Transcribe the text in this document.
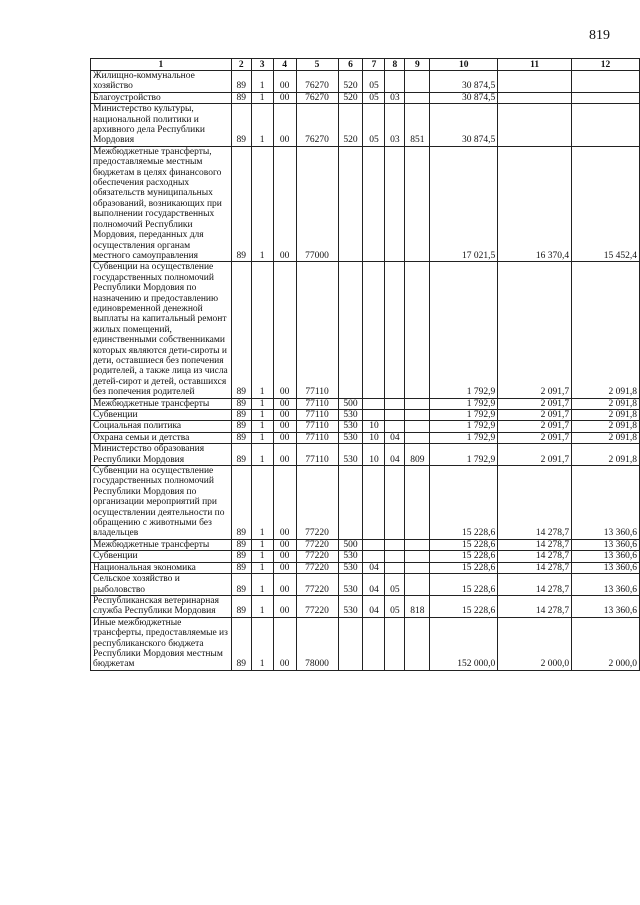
819
1	2	3	4	5	6	7	8	9	10	11	12
Жилищно-коммунальное хозяйство	89	1	00	76270	520	05			30 874,5		
Благоустройство	89	1	00	76270	520	05	03		30 874,5		
Министерство культуры, национальной политики и архивного дела Республики Мордовия	89	1	00	76270	520	05	03	851	30 874,5		
Межбюджетные трансферты, предоставляемые местным бюджетам в целях финансового обеспечения расходных обязательств муниципальных образований, возникающих при выполнении государственных полномочий Республики Мордовия, переданных для осуществления органам местного самоуправления	89	1	00	77000					17 021,5	16 370,4	15 452,4
Субвенции на осуществление государственных полномочий Республики Мордовия по назначению и предоставлению единовременной денежной выплаты на капитальный ремонт жилых помещений, единственными собственниками которых являются дети-сироты и дети, оставшиеся без попечения родителей, а также лица из числа детей-сирот и детей, оставшихся без попечения родителей	89	1	00	77110					1 792,9	2 091,7	2 091,8
Межбюджетные трансферты	89	1	00	77110	500				1 792,9	2 091,7	2 091,8
Субвенции	89	1	00	77110	530				1 792,9	2 091,7	2 091,8
Социальная политика	89	1	00	77110	530	10			1 792,9	2 091,7	2 091,8
Охрана семьи и детства	89	1	00	77110	530	10	04		1 792,9	2 091,7	2 091,8
Министерство образования Республики Мордовия	89	1	00	77110	530	10	04	809	1 792,9	2 091,7	2 091,8
Субвенции на осуществление государственных полномочий Республики Мордовия по организации мероприятий при осуществлении деятельности по обращению с животными без владельцев	89	1	00	77220					15 228,6	14 278,7	13 360,6
Межбюджетные трансферты	89	1	00	77220	500				15 228,6	14 278,7	13 360,6
Субвенции	89	1	00	77220	530				15 228,6	14 278,7	13 360,6
Национальная экономика	89	1	00	77220	530	04			15 228,6	14 278,7	13 360,6
Сельское хозяйство и рыболовство	89	1	00	77220	530	04	05		15 228,6	14 278,7	13 360,6
Республиканская ветеринарная служба Республики Мордовия	89	1	00	77220	530	04	05	818	15 228,6	14 278,7	13 360,6
Иные межбюджетные трансферты, предоставляемые из республиканского бюджета Республики Мордовия местным бюджетам	89	1	00	78000					152 000,0	2 000,0	2 000,0
